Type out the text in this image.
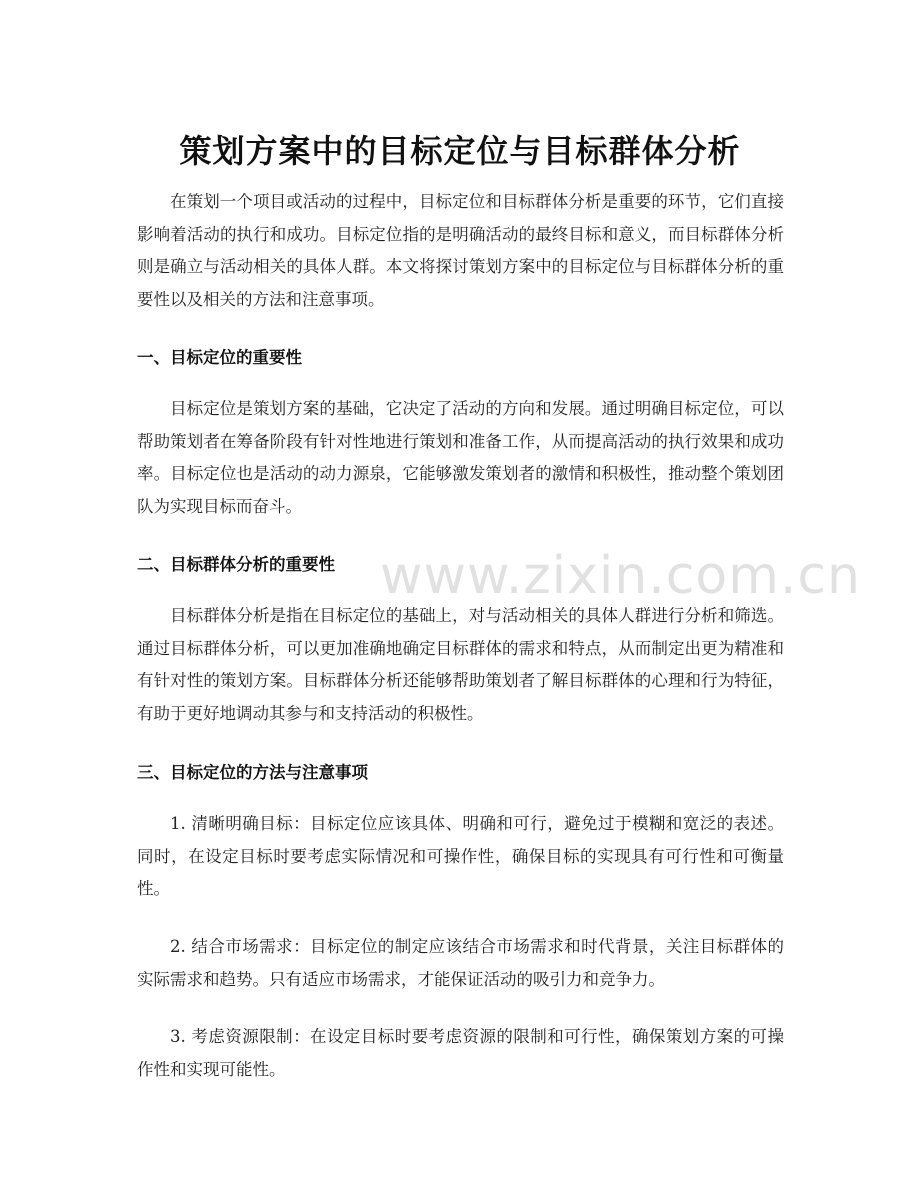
策划方案中的目标定位与目标群体分析

在策划一个项目或活动的过程中，目标定位和目标群体分析是重要的环节，它们直接影响着活动的执行和成功。目标定位指的是明确活动的最终目标和意义，而目标群体分析则是确立与活动相关的具体人群。本文将探讨策划方案中的目标定位与目标群体分析的重要性以及相关的方法和注意事项。

一、目标定位的重要性

目标定位是策划方案的基础，它决定了活动的方向和发展。通过明确目标定位，可以帮助策划者在筹备阶段有针对性地进行策划和准备工作，从而提高活动的执行效果和成功率。目标定位也是活动的动力源泉，它能够激发策划者的激情和积极性，推动整个策划团队为实现目标而奋斗。

二、目标群体分析的重要性

目标群体分析是指在目标定位的基础上，对与活动相关的具体人群进行分析和筛选。通过目标群体分析，可以更加准确地确定目标群体的需求和特点，从而制定出更为精准和有针对性的策划方案。目标群体分析还能够帮助策划者了解目标群体的心理和行为特征，有助于更好地调动其参与和支持活动的积极性。

三、目标定位的方法与注意事项

1. 清晰明确目标：目标定位应该具体、明确和可行，避免过于模糊和宽泛的表述。同时，在设定目标时要考虑实际情况和可操作性，确保目标的实现具有可行性和可衡量性。

2. 结合市场需求：目标定位的制定应该结合市场需求和时代背景，关注目标群体的实际需求和趋势。只有适应市场需求，才能保证活动的吸引力和竞争力。

3. 考虑资源限制：在设定目标时要考虑资源的限制和可行性，确保策划方案的可操作性和实现可能性。

www.zixin.com.cn
